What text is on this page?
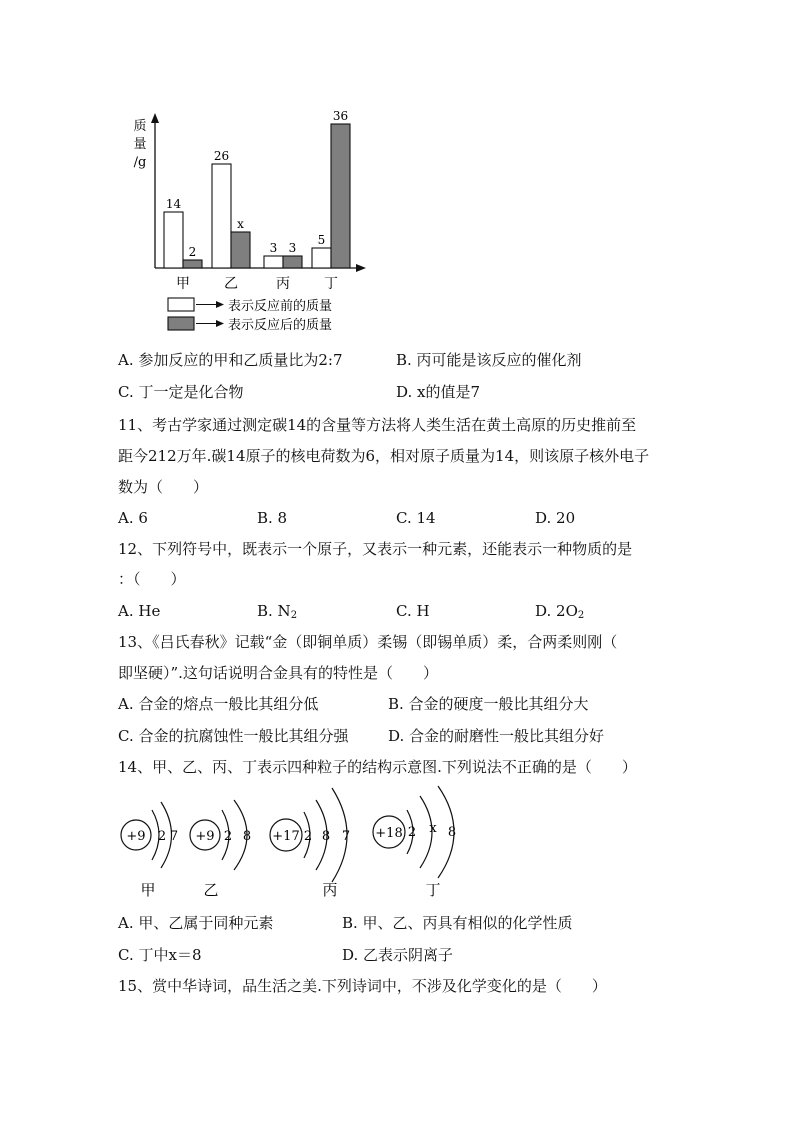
质
量
/g
14
2
甲
26
x
乙
3 3
丙
5
36
丁
表示反应前的质量
表示反应后的质量
A. 参加反应的甲和乙质量比为2:7	B. 丙可能是该反应的催化剂
C. 丁一定是化合物	D. x的值是7
11、考古学家通过测定碳14的含量等方法将人类生活在黄土高原的历史推前至
距今212万年.碳14原子的核电荷数为6，相对原子质量为14，则该原子核外电子
数为（　　）
A. 6	B. 8	C. 14	D. 20
12、下列符号中，既表示一个原子，又表示一种元素，还能表示一种物质的是
：（　　）
A. He	B. $N_2$	C. H	D. $2O_2$
13、《吕氏春秋》记载“金（即铜单质）柔锡（即锡单质）柔，合两柔则刚（
即坚硬）”.这句话说明合金具有的特性是（　　）
A. 合金的熔点一般比其组分低	B. 合金的硬度一般比其组分大
C. 合金的抗腐蚀性一般比其组分强	D. 合金的耐磨性一般比其组分好
14、甲、乙、丙、丁表示四种粒子的结构示意图.下列说法不正确的是（　　）
+9 2 7
甲
+9 2 8
乙
+17 2 8 7
丙
+18 2 x 8
丁
A. 甲、乙属于同种元素	B. 甲、乙、丙具有相似的化学性质
C. 丁中x＝8	D. 乙表示阴离子
15、赏中华诗词，品生活之美.下列诗词中，不涉及化学变化的是（　　）
